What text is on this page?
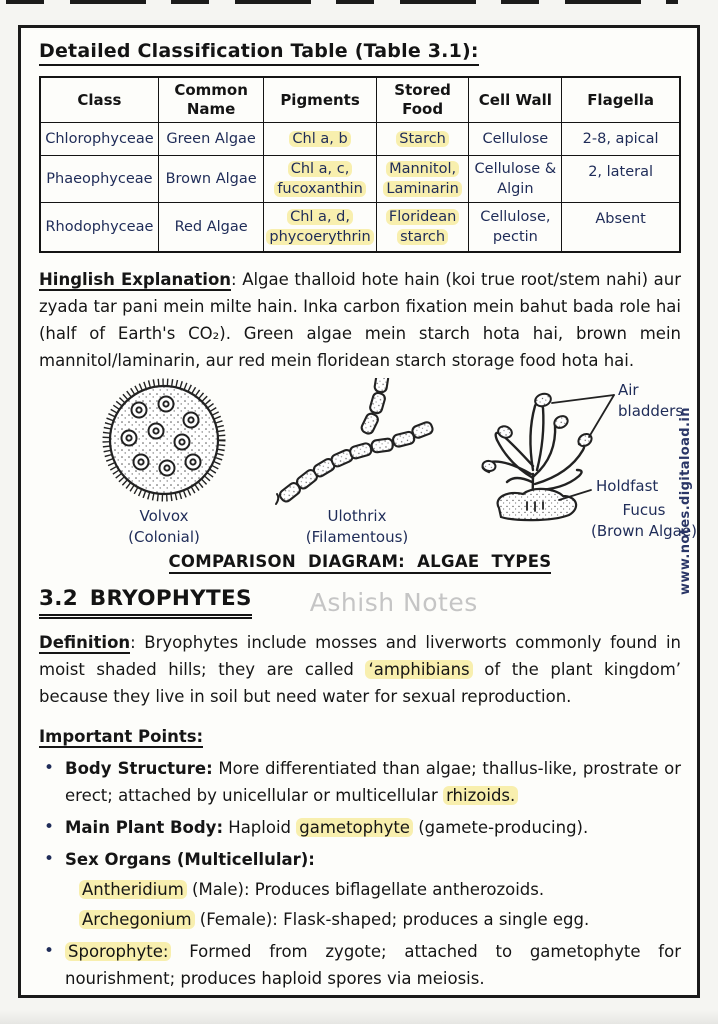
Detailed Classification Table (Table 3.1):
Class	Common Name	Pigments	Stored Food	Cell Wall	Flagella
Chlorophyceae	Green Algae	Chl a, b	Starch	Cellulose	2-8, apical
Phaeophyceae	Brown Algae	Chl a, c, fucoxanthin	Mannitol, Laminarin	Cellulose & Algin	2, lateral
Rhodophyceae	Red Algae	Chl a, d, phycoerythrin	Floridean starch	Cellulose, pectin	Absent

Hinglish Explanation: Algae thalloid hote hain (koi true root/stem nahi) aur zyada tar pani mein milte hain. Inka carbon fixation mein bahut bada role hai (half of Earth's CO₂). Green algae mein starch hota hai, brown mein mannitol/laminarin, aur red mein floridean starch storage food hota hai.

Volvox
(Colonial)
Ulothrix
(Filamentous)
Air bladders
Holdfast
Fucus
(Brown Algae)
COMPARISON DIAGRAM: ALGAE TYPES
3.2 BRYOPHYTES Ashish Notes

Definition: Bryophytes include mosses and liverworts commonly found in moist shaded hills; they are called ‘amphibians of the plant kingdom’ because they live in soil but need water for sexual reproduction.

Important Points:

• Body Structure: More differentiated than algae; thallus-like, prostrate or erect; attached by unicellular or multicellular rhizoids.
• Main Plant Body: Haploid gametophyte (gamete-producing).
• Sex Organs (Multicellular):
Antheridium (Male): Produces biflagellate antherozoids.
Archegonium (Female): Flask-shaped; produces a single egg.
• Sporophyte: Formed from zygote; attached to gametophyte for nourishment; produces haploid spores via meiosis.
www.notes.digitaload.in
